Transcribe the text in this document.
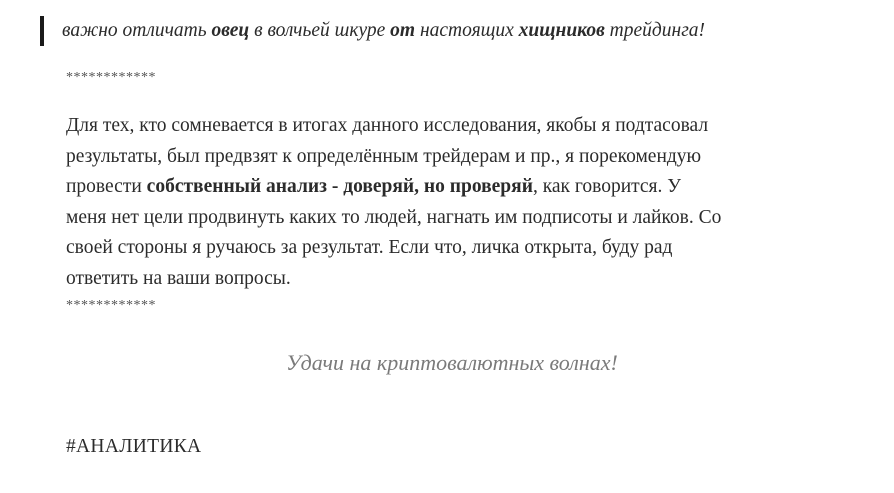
важно отличать овец в волчьей шкуре от настоящих хищников трейдинга!
************
Для тех, кто сомневается в итогах данного исследования, якобы я подтасовал
результаты, был предвзят к определённым трейдерам и пр., я порекомендую
провести собственный анализ - доверяй, но проверяй, как говорится. У
меня нет цели продвинуть каких то людей, нагнать им подписоты и лайков. Со
своей стороны я ручаюсь за результат. Если что, личка открыта, буду рад
ответить на ваши вопросы.
************
Удачи на криптовалютных волнах!
#АНАЛИТИКА
